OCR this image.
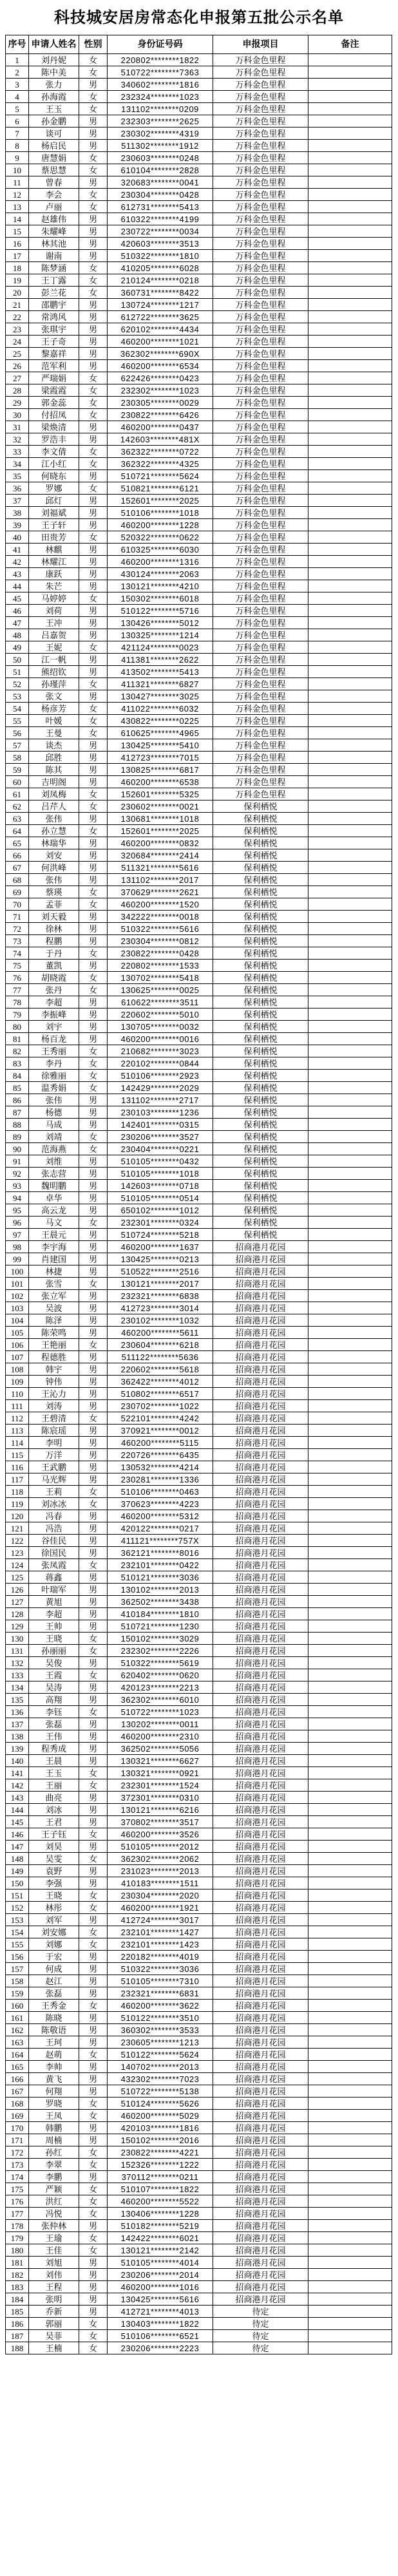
科技城安居房常态化申报第五批公示名单
序号	申请人姓名	性别	身份证号码	申报项目	备注
1	刘丹妮	女	220802********1822	万科金色里程	
2	陈中美	女	510722********7363	万科金色里程	
3	张力	男	340602********1816	万科金色里程	
4	孙海霞	女	232324********1023	万科金色里程	
5	王玉	女	131102********0209	万科金色里程	
6	孙金鹏	男	232303********2625	万科金色里程	
7	谈可	男	230302********4319	万科金色里程	
8	杨启民	男	511302********1912	万科金色里程	
9	唐慧娟	女	230603********0248	万科金色里程	
10	蔡思慧	女	610104********2828	万科金色里程	
11	曾春	男	320683********0041	万科金色里程	
12	李会	女	230304********0428	万科金色里程	
13	卢丽	女	612731********5413	万科金色里程	
14	赵雄伟	男	610322********4199	万科金色里程	
15	朱耀峰	男	230722********0034	万科金色里程	
16	林其池	男	420603********3513	万科金色里程	
17	谢南	男	510322********1810	万科金色里程	
18	陈梦涵	女	410205********6028	万科金色里程	
19	王丁露	女	210124********0218	万科金色里程	
20	彭兰花	女	360731********8422	万科金色里程	
21	邵鹏宇	男	130724********1217	万科金色里程	
22	常鸿风	男	612722********3625	万科金色里程	
23	张琪宇	男	620102********4434	万科金色里程	
24	王子奇	男	460200********1021	万科金色里程	
25	黎嘉祥	男	362302********690X	万科金色里程	
26	范军利	男	460200********6534	万科金色里程	
27	严瑞娟	女	622426********0423	万科金色里程	
28	梁霞霞	女	232302********1023	万科金色里程	
29	郭金蕊	女	230305********0029	万科金色里程	
30	付招凤	女	230822********6426	万科金色里程	
31	梁焕清	男	460200********0437	万科金色里程	
32	罗浩丰	男	142603********481X	万科金色里程	
33	李文倩	女	362322********0722	万科金色里程	
34	江小红	女	362322********4325	万科金色里程	
35	何晓东	男	510721********5624	万科金色里程	
36	罗娜	女	510821********6121	万科金色里程	
37	邱灯	男	152601********2025	万科金色里程	
38	刘福斌	男	510106********1018	万科金色里程	
39	王子轩	男	460200********1228	万科金色里程	
40	田贵芳	女	520322********0622	万科金色里程	
41	林麒	男	610325********6030	万科金色里程	
42	林耀江	男	460200********1316	万科金色里程	
43	康跃	男	430124********2063	万科金色里程	
44	朱芒	男	130121********4210	万科金色里程	
45	马婷婷	女	150302********6018	万科金色里程	
46	刘荷	男	510122********5716	万科金色里程	
47	王冲	男	130426********5012	万科金色里程	
48	吕嘉贺	男	130325********1214	万科金色里程	
49	王妮	女	421124********0023	万科金色里程	
50	江一帆	男	411381********2622	万科金色里程	
51	熊绍钦	男	413502********5413	万科金色里程	
52	孙瑾萍	女	411321********6827	万科金色里程	
53	张文	男	130427********3025	万科金色里程	
54	杨彦芳	女	411022********6032	万科金色里程	
55	叶媛	女	430822********0225	万科金色里程	
56	王曼	女	610625********4965	万科金色里程	
57	谈杰	男	130425********5410	万科金色里程	
58	邱胜	男	412723********7015	万科金色里程	
59	陈其	男	130825********6817	万科金色里程	
60	吉明阁	男	460200********6538	万科金色里程	
61	刘凤梅	女	152601********5325	万科金色里程	
62	吕芹人	女	230602********0021	保利栖悦	
63	张伟	男	130681********1018	保利栖悦	
64	孙立慧	女	152601********2025	保利栖悦	
65	林瑞华	男	460200********0832	保利栖悦	
66	刘安	男	320684********2414	保利栖悦	
67	何洪峰	男	511321********5616	保利栖悦	
68	张伟	男	131102********2017	保利栖悦	
69	蔡瑛	女	370629********2621	保利栖悦	
70	孟菲	女	460200********1520	保利栖悦	
71	刘天毅	男	342222********0018	保利栖悦	
72	徐林	男	510322********5616	保利栖悦	
73	程鹏	男	230304********0812	保利栖悦	
74	于丹	女	230822********0428	保利栖悦	
75	董凯	男	220802********1533	保利栖悦	
76	胡晓霞	女	130702********5418	保利栖悦	
77	张丹	女	130625********0025	保利栖悦	
78	李超	男	610622********3511	保利栖悦	
79	李振峰	男	220602********5010	保利栖悦	
80	刘宇	男	130705********0032	保利栖悦	
81	杨百龙	男	460200********0016	保利栖悦	
82	王秀丽	女	210682********3023	保利栖悦	
83	李丹	女	220102********0844	保利栖悦	
84	徐雅丽	女	510106********2923	保利栖悦	
85	温秀娟	女	142429********2029	保利栖悦	
86	张伟	男	131102********2717	保利栖悦	
87	杨德	男	230103********1236	保利栖悦	
88	马成	男	142401********0315	保利栖悦	
89	刘靖	女	230206********3527	保利栖悦	
90	范海燕	女	230404********0221	保利栖悦	
91	刘维	男	510105********0432	保利栖悦	
92	张志营	男	510105********1018	保利栖悦	
93	魏明鹏	男	142603********0718	保利栖悦	
94	卓华	男	510105********0514	保利栖悦	
95	高云龙	男	650102********1012	保利栖悦	
96	马文	女	232301********0324	保利栖悦	
97	王晨元	男	510724********5218	保利栖悦	
98	李宇海	男	460200********1637	招商港月花园	
99	肖建国	男	130425********0213	招商港月花园	
100	林捷	男	510522********2516	招商港月花园	
101	张雪	女	130121********2017	招商港月花园	
102	张立军	男	232321********6838	招商港月花园	
103	吴波	男	412723********3014	招商港月花园	
104	陈泽	男	230102********1032	招商港月花园	
105	陈荣鸣	男	460200********5611	招商港月花园	
106	王艳丽	女	230604********6218	招商港月花园	
107	程德胜	男	511122********5636	招商港月花园	
108	韩宇	男	220602********5618	招商港月花园	
109	钟伟	男	362422********4012	招商港月花园	
110	王沁力	男	510802********6517	招商港月花园	
111	刘涛	男	230702********1022	招商港月花园	
112	王碧清	女	522101********4242	招商港月花园	
113	陈宸瑶	男	370921********0012	招商港月花园	
114	李明	男	460200********5115	招商港月花园	
115	万洋	男	220726********6435	招商港月花园	
116	王武鹏	男	130532********4214	招商港月花园	
117	马光辉	男	230281********1336	招商港月花园	
118	王莉	女	510106********0463	招商港月花园	
119	刘冰冰	女	370623********4223	招商港月花园	
120	冯春	男	460200********5312	招商港月花园	
121	冯浩	男	420122********0217	招商港月花园	
122	谷佳民	男	411121********757X	招商港月花园	
123	徐国民	男	362121********8016	招商港月花园	
124	张凤霞	女	232101********0422	招商港月花园	
125	蒋鑫	男	510121********3036	招商港月花园	
126	叶瑞军	男	130102********2013	招商港月花园	
127	黄旭	男	362502********3438	招商港月花园	
128	李超	男	410184********1810	招商港月花园	
129	王帅	男	510721********1230	招商港月花园	
130	王晓	女	150102********3029	招商港月花园	
131	孙丽丽	女	232302********2226	招商港月花园	
132	吴俊	男	510322********5619	招商港月花园	
133	王霞	女	620402********0620	招商港月花园	
134	吴涛	男	420123********2213	招商港月花园	
135	高翔	男	362302********6010	招商港月花园	
136	李钰	女	510722********1023	招商港月花园	
137	张磊	男	130202********0011	招商港月花园	
138	王伟	男	460200********2310	招商港月花园	
139	程秀成	男	362502********5056	招商港月花园	
140	王晨	男	130321********6627	招商港月花园	
141	王玉	女	130321********0921	招商港月花园	
142	王丽	女	232301********1524	招商港月花园	
143	曲亮	男	372301********0310	招商港月花园	
144	刘冰	男	130121********6216	招商港月花园	
145	王君	男	370802********3517	招商港月花园	
146	王子钰	女	460200********3526	招商港月花园	
147	刘昊	男	510105********2012	招商港月花园	
148	吴雯	女	362302********2062	招商港月花园	
149	袁野	男	231023********2013	招商港月花园	
150	李强	男	410183********1511	招商港月花园	
151	王晓	女	230304********2020	招商港月花园	
152	林彤	女	460200********1921	招商港月花园	
153	刘军	男	412724********3017	招商港月花园	
154	刘安娜	女	232101********1427	招商港月花园	
155	刘娜	女	232101********1423	招商港月花园	
156	于宏	男	220182********4019	招商港月花园	
157	何成	男	510322********3036	招商港月花园	
158	赵江	男	510105********7310	招商港月花园	
159	张磊	男	232321********6831	招商港月花园	
160	王秀金	女	460200********3622	招商港月花园	
161	陈晓	男	510122********3510	招商港月花园	
162	陈敬语	男	360302********3533	招商港月花园	
163	王珂	男	230605********1213	招商港月花园	
164	赵萌	女	510122********5624	招商港月花园	
165	李帅	男	140702********2013	招商港月花园	
166	黄飞	男	432302********7023	招商港月花园	
167	何翔	男	510722********5138	招商港月花园	
168	罗晓	女	510124********5626	招商港月花园	
169	王凤	女	460200********5029	招商港月花园	
170	韩鹏	男	420103********1816	招商港月花园	
171	周楠	男	150102********2016	招商港月花园	
172	孙红	女	230822********4221	招商港月花园	
173	李翠	女	152326********1222	招商港月花园	
174	李鹏	男	370112********0211	招商港月花园	
175	严颖	女	510107********1822	招商港月花园	
176	洪红	女	460200********5522	招商港月花园	
177	冯悦	女	130406********1228	招商港月花园	
178	张仲林	男	510182********5219	招商港月花园	
179	王瑜	女	142422********6021	招商港月花园	
180	王佳	女	130121********2142	招商港月花园	
181	刘旭	男	510105********4014	招商港月花园	
182	刘伟	男	230206********2014	招商港月花园	
183	王程	男	460200********1016	招商港月花园	
184	张明	男	130425********5616	招商港月花园	
185	乔新	男	412721********4013	待定	
186	郭丽	女	130403********1822	待定	
187	吴菲	女	510106********6521	待定	
188	王楠	女	230206********2223	待定	
